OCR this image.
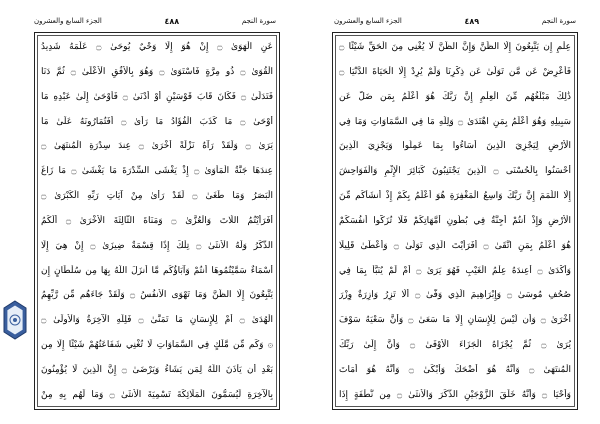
الجزء السابع والعشرون	٤٨٨	سورة النجم
عَنِ الْهَوَىٰ ۝ إِنْ هُوَ إِلَّا وَحْيٌ يُوحَىٰ ۝ عَلَّمَهُ شَدِيدُ
الْقُوَىٰ ۝ ذُو مِرَّةٍ فَاسْتَوَىٰ ۝ وَهُوَ بِالْأُفُقِ الْأَعْلَىٰ ۝ ثُمَّ دَنَا
فَتَدَلَّىٰ ۝ فَكَانَ قَابَ قَوْسَيْنِ أَوْ أَدْنَىٰ ۝ فَأَوْحَىٰ إِلَىٰ عَبْدِهِ مَا
أَوْحَىٰ ۝ مَا كَذَبَ الْفُؤَادُ مَا رَأَىٰ ۝ أَفَتُمَارُونَهُ عَلَىٰ مَا
يَرَىٰ ۝ وَلَقَدْ رَآهُ نَزْلَةً أُخْرَىٰ ۝ عِندَ سِدْرَةِ الْمُنتَهَىٰ ۝
عِندَهَا جَنَّةُ الْمَأْوَىٰ ۝ إِذْ يَغْشَى السِّدْرَةَ مَا يَغْشَىٰ ۝ مَا زَاغَ
الْبَصَرُ وَمَا طَغَىٰ ۝ لَقَدْ رَأَىٰ مِنْ آيَاتِ رَبِّهِ الْكُبْرَىٰ ۝
أَفَرَأَيْتُمُ اللَّاتَ وَالْعُزَّىٰ ۝ وَمَنَاةَ الثَّالِثَةَ الْأُخْرَىٰ ۝ أَلَكُمُ
الذَّكَرُ وَلَهُ الْأُنثَىٰ ۝ تِلْكَ إِذًا قِسْمَةٌ ضِيزَىٰ ۝ إِنْ هِيَ إِلَّا
أَسْمَاءٌ سَمَّيْتُمُوهَا أَنتُمْ وَآبَاؤُكُم مَّا أَنزَلَ اللَّهُ بِهَا مِن سُلْطَانٍ إِن
يَتَّبِعُونَ إِلَّا الظَّنَّ وَمَا تَهْوَى الْأَنفُسُ ۝ وَلَقَدْ جَاءَهُم مِّن رَّبِّهِمُ
الْهُدَىٰ ۝ أَمْ لِلْإِنسَانِ مَا تَمَنَّىٰ ۝ فَلِلَّهِ الْآخِرَةُ وَالْأُولَىٰ ۝
۞ وَكَم مِّن مَّلَكٍ فِي السَّمَاوَاتِ لَا تُغْنِي شَفَاعَتُهُمْ شَيْئًا إِلَّا مِن
بَعْدِ أَن يَأْذَنَ اللَّهُ لِمَن يَشَاءُ وَيَرْضَىٰ ۝ إِنَّ الَّذِينَ لَا يُؤْمِنُونَ
بِالْآخِرَةِ لَيُسَمُّونَ الْمَلَائِكَةَ تَسْمِيَةَ الْأُنثَىٰ ۝ وَمَا لَهُم بِهِ مِنْ
الجزء السابع والعشرون	٤٨٩	سورة النجم
عِلْمٍ إِن يَتَّبِعُونَ إِلَّا الظَّنَّ وَإِنَّ الظَّنَّ لَا يُغْنِي مِنَ الْحَقِّ شَيْئًا ۝
فَأَعْرِضْ عَن مَّن تَوَلَّىٰ عَن ذِكْرِنَا وَلَمْ يُرِدْ إِلَّا الْحَيَاةَ الدُّنْيَا ۝
ذَٰلِكَ مَبْلَغُهُم مِّنَ الْعِلْمِ إِنَّ رَبَّكَ هُوَ أَعْلَمُ بِمَن ضَلَّ عَن
سَبِيلِهِ وَهُوَ أَعْلَمُ بِمَنِ اهْتَدَىٰ ۝ وَلِلَّهِ مَا فِي السَّمَاوَاتِ وَمَا فِي
الْأَرْضِ لِيَجْزِيَ الَّذِينَ أَسَاءُوا بِمَا عَمِلُوا وَيَجْزِيَ الَّذِينَ
أَحْسَنُوا بِالْحُسْنَى ۝ الَّذِينَ يَجْتَنِبُونَ كَبَائِرَ الْإِثْمِ وَالْفَوَاحِشَ
إِلَّا اللَّمَمَ إِنَّ رَبَّكَ وَاسِعُ الْمَغْفِرَةِ هُوَ أَعْلَمُ بِكُمْ إِذْ أَنشَأَكُم مِّنَ
الْأَرْضِ وَإِذْ أَنتُمْ أَجِنَّةٌ فِي بُطُونِ أُمَّهَاتِكُمْ فَلَا تُزَكُّوا أَنفُسَكُمْ
هُوَ أَعْلَمُ بِمَنِ اتَّقَىٰ ۝ أَفَرَأَيْتَ الَّذِي تَوَلَّىٰ ۝ وَأَعْطَىٰ قَلِيلًا
وَأَكْدَىٰ ۝ أَعِندَهُ عِلْمُ الْغَيْبِ فَهُوَ يَرَىٰ ۝ أَمْ لَمْ يُنَبَّأْ بِمَا فِي
صُحُفِ مُوسَىٰ ۝ وَإِبْرَاهِيمَ الَّذِي وَفَّىٰ ۝ أَلَّا تَزِرُ وَازِرَةٌ وِزْرَ
أُخْرَىٰ ۝ وَأَن لَّيْسَ لِلْإِنسَانِ إِلَّا مَا سَعَىٰ ۝ وَأَنَّ سَعْيَهُ سَوْفَ
يُرَىٰ ۝ ثُمَّ يُجْزَاهُ الْجَزَاءَ الْأَوْفَىٰ ۝ وَأَنَّ إِلَىٰ رَبِّكَ
الْمُنتَهَىٰ ۝ وَأَنَّهُ هُوَ أَضْحَكَ وَأَبْكَىٰ ۝ وَأَنَّهُ هُوَ أَمَاتَ
وَأَحْيَا ۝ وَأَنَّهُ خَلَقَ الزَّوْجَيْنِ الذَّكَرَ وَالْأُنثَىٰ ۝ مِن نُّطْفَةٍ إِذَا
